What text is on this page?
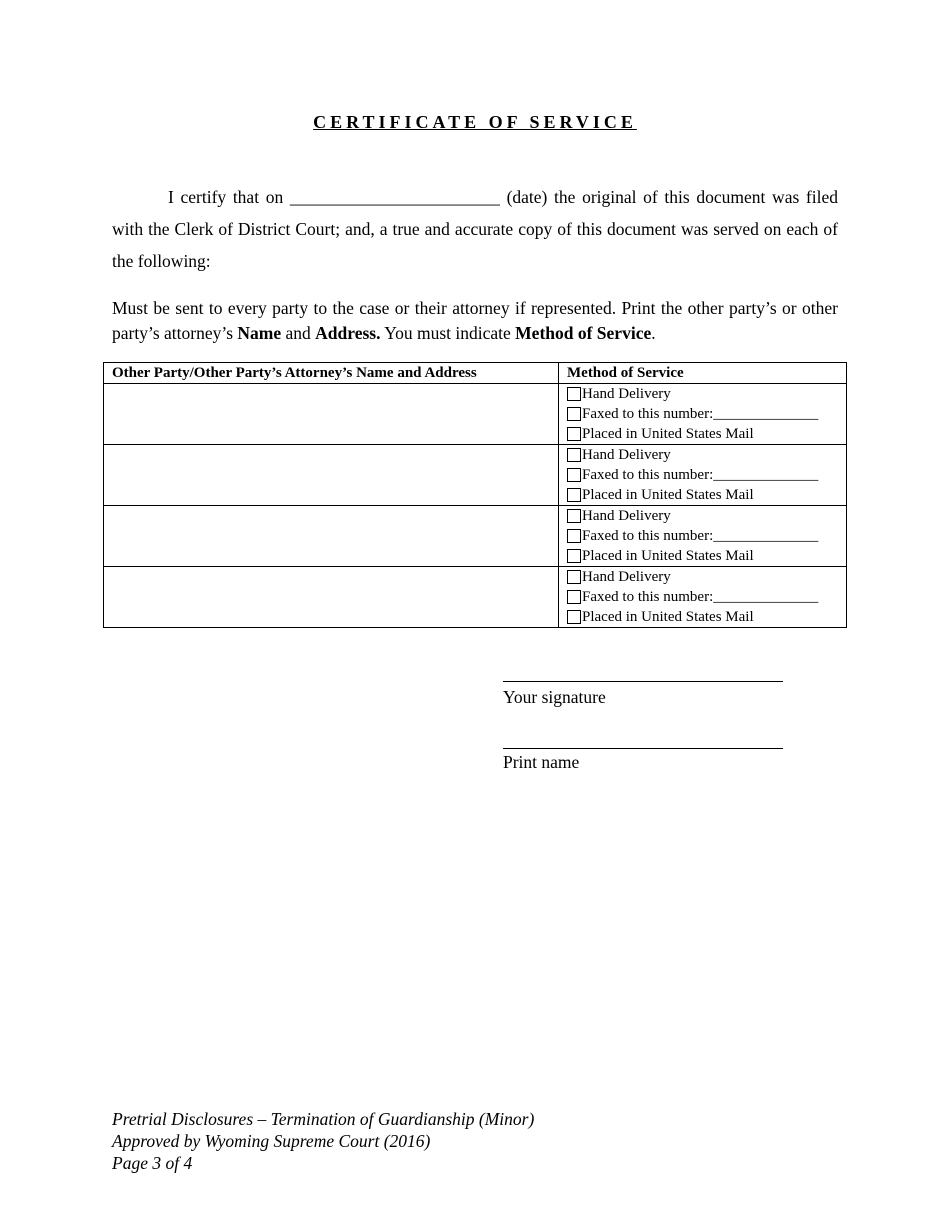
CERTIFICATE OF SERVICE

I certify that on ________________________ (date) the original of this document was filed with the Clerk of District Court; and, a true and accurate copy of this document was served on each of the following:

Must be sent to every party to the case or their attorney if represented. Print the other party’s or other party’s attorney’s Name and Address. You must indicate Method of Service.

Other Party/Other Party’s Attorney’s Name and Address	Method of Service

	Hand Delivery
Faxed to this number:______________
Placed in United States Mail

	Hand Delivery
Faxed to this number:______________
Placed in United States Mail

	Hand Delivery
Faxed to this number:______________
Placed in United States Mail

	Hand Delivery
Faxed to this number:______________
Placed in United States Mail
Your signature
Print name
Pretrial Disclosures – Termination of Guardianship (Minor)
Approved by Wyoming Supreme Court (2016)
Page 3 of 4
